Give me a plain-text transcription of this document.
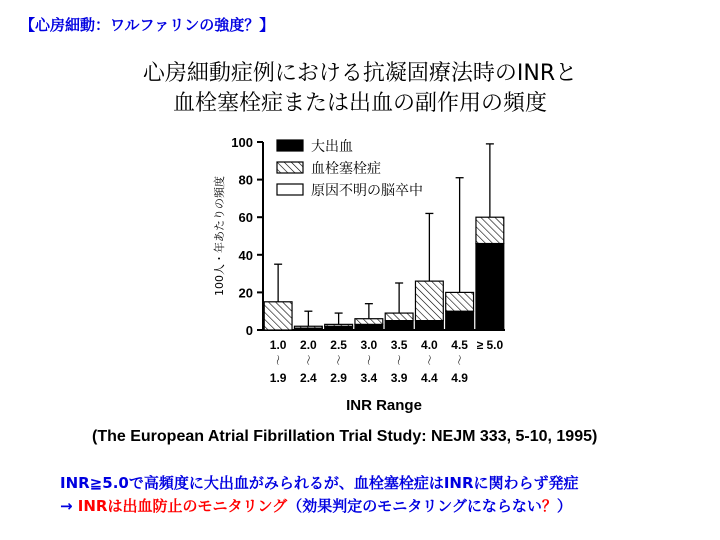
【心房細動：ワルファリンの強度？】
心房細動症例における抗凝固療法時のINRと
血栓塞栓症または出血の副作用の頻度
0
20
40
60
80
100
100人・年あたりの頻度
1.0
〜
1.9
2.0
〜
2.4
2.5
〜
2.9
3.0
〜
3.4
3.5
〜
3.9
4.0
〜
4.4
4.5
〜
4.9
≥ 5.0
INR Range
大出血
血栓塞栓症
原因不明の脳卒中
(The European Atrial Fibrillation Trial Study: NEJM 333, 5-10, 1995)
INR≧5.0で高頻度に大出血がみられるが、血栓塞栓症はINRに関わらず発症
→ INRは出血防止のモニタリング（効果判定のモニタリングにならない？）
